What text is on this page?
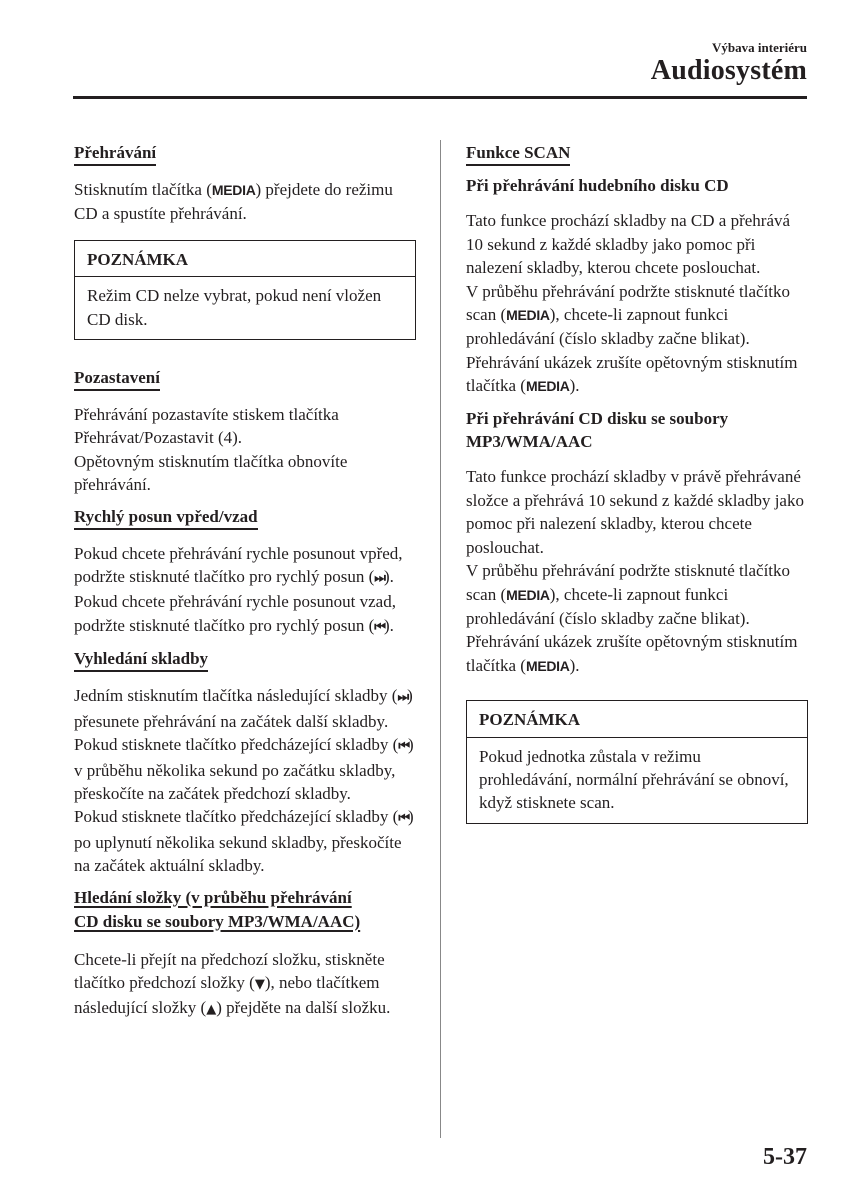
Výbava interiéru
Audiosystém
Přehrávání

Stisknutím tlačítka (MEDIA) přejdete do režimu CD a spustíte přehrávání.

POZNÁMKA
Režim CD nelze vybrat, pokud není vložen CD disk.
Pozastavení

Přehrávání pozastavíte stiskem tlačítka Přehrávat/Pozastavit (4).

Opětovným stisknutím tlačítka obnovíte přehrávání.

Rychlý posun vpřed/vzad

Pokud chcete přehrávání rychle posunout vpřed, podržte stisknuté tlačítko pro rychlý posun (⏭). Pokud chcete přehrávání rychle posunout vzad, podržte stisknuté tlačítko pro rychlý posun (⏮).

Vyhledání skladby

Jedním stisknutím tlačítka následující skladby (⏭) přesunete přehrávání na začátek další skladby.

Pokud stisknete tlačítko předcházející skladby (⏮) v průběhu několika sekund po začátku skladby, přeskočíte na začátek předchozí skladby.

Pokud stisknete tlačítko předcházející skladby (⏮) po uplynutí několika sekund skladby, přeskočíte na začátek aktuální skladby.

Hledání složky (v průběhu přehrávání
CD disku se soubory MP3/WMA/AAC)

Chcete-li přejít na předchozí složku, stiskněte tlačítko předchozí složky (▼), nebo tlačítkem následující složky (▲) přejděte na další složku.

Funkce SCAN

Při přehrávání hudebního disku CD

Tato funkce prochází skladby na CD a přehrává 10 sekund z každé skladby jako pomoc při nalezení skladby, kterou chcete poslouchat.

V průběhu přehrávání podržte stisknuté tlačítko scan (MEDIA), chcete-li zapnout funkci prohledávání (číslo skladby začne blikat). Přehrávání ukázek zrušíte opětovným stisknutím tlačítka (MEDIA).

Při přehrávání CD disku se soubory MP3/WMA/AAC

Tato funkce prochází skladby v právě přehrávané složce a přehrává 10 sekund z každé skladby jako pomoc při nalezení skladby, kterou chcete poslouchat.

V průběhu přehrávání podržte stisknuté tlačítko scan (MEDIA), chcete-li zapnout funkci prohledávání (číslo skladby začne blikat).

Přehrávání ukázek zrušíte opětovným stisknutím tlačítka (MEDIA).

POZNÁMKA
Pokud jednotka zůstala v režimu prohledávání, normální přehrávání se obnoví, když stisknete scan.
5-37
